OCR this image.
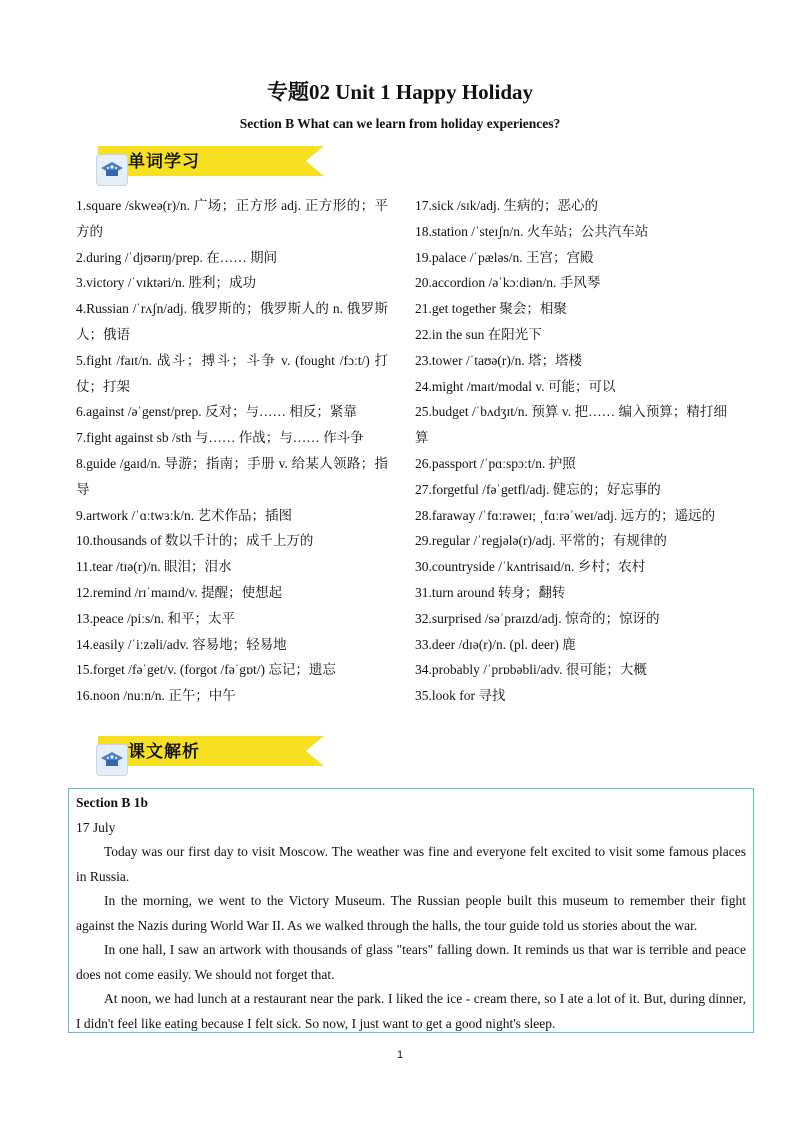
专题02 Unit 1 Happy Holiday
Section B What can we learn from holiday experiences?
单词学习
1.square /skweə(r)/n. 广场；正方形 adj. 正方形的；平方的
2.during /ˈdjʊərɪŋ/prep. 在…… 期间
3.victory /ˈvɪktəri/n. 胜利；成功
4.Russian /ˈrʌʃn/adj. 俄罗斯的；俄罗斯人的 n. 俄罗斯人；俄语
5.fight /faɪt/n. 战斗；搏斗；斗争 v. (fought /fɔːt/) 打仗；打架
6.against /əˈgenst/prep. 反对；与…… 相反；紧靠
7.fight against sb /sth 与…… 作战；与…… 作斗争
8.guide /gaɪd/n. 导游；指南；手册 v. 给某人领路；指导
9.artwork /ˈɑːtwɜːk/n. 艺术作品；插图
10.thousands of 数以千计的；成千上万的
11.tear /tɪə(r)/n. 眼泪；泪水
12.remind /rɪˈmaɪnd/v. 提醒；使想起
13.peace /piːs/n. 和平；太平
14.easily /ˈiːzəli/adv. 容易地；轻易地
15.forget /fəˈget/v. (forgot /fəˈgɒt/) 忘记；遗忘
16.noon /nuːn/n. 正午；中午
17.sick /sɪk/adj. 生病的；恶心的
18.station /ˈsteɪʃn/n. 火车站；公共汽车站
19.palace /ˈpæləs/n. 王宫；宫殿
20.accordion /əˈkɔːdiən/n. 手风琴
21.get together 聚会；相聚
22.in the sun 在阳光下
23.tower /ˈtaʊə(r)/n. 塔；塔楼
24.might /maɪt/modal v. 可能；可以
25.budget /ˈbʌdʒɪt/n. 预算 v. 把…… 编入预算；精打细算
26.passport /ˈpɑːspɔːt/n. 护照
27.forgetful /fəˈgetfl/adj. 健忘的；好忘事的
28.faraway /ˈfɑːrəweɪ; ˌfɑːrəˈweɪ/adj. 远方的；遥远的
29.regular /ˈregjələ(r)/adj. 平常的；有规律的
30.countryside /ˈkʌntrisaɪd/n. 乡村；农村
31.turn around 转身；翻转
32.surprised /səˈpraɪzd/adj. 惊奇的；惊讶的
33.deer /dɪə(r)/n. (pl. deer) 鹿
34.probably /ˈprɒbəbli/adv. 很可能；大概
35.look for 寻找
课文解析
Section B 1b
17 July

Today was our first day to visit Moscow. The weather was fine and everyone felt excited to visit some famous places in Russia.

In the morning, we went to the Victory Museum. The Russian people built this museum to remember their fight against the Nazis during World War II. As we walked through the halls, the tour guide told us stories about the war.

In one hall, I saw an artwork with thousands of glass "tears" falling down. It reminds us that war is terrible and peace does not come easily. We should not forget that.

At noon, we had lunch at a restaurant near the park. I liked the ice - cream there, so I ate a lot of it. But, during dinner, I didn't feel like eating because I felt sick. So now, I just want to get a good night's sleep.

1
